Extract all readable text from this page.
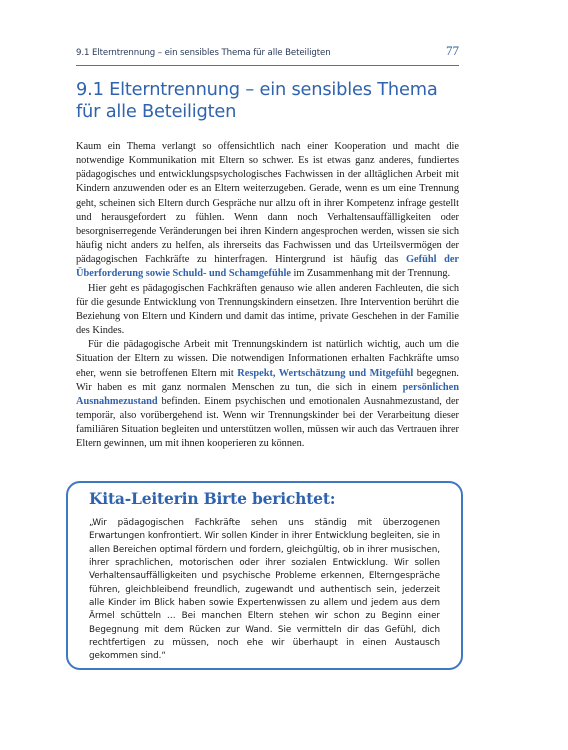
9.1 Elterntrennung – ein sensibles Thema für alle Beteiligten	77
9.1 Elterntrennung – ein sensibles Thema für alle Beteiligten

Kaum ein Thema verlangt so offensichtlich nach einer Kooperation und macht die notwendige Kommunikation mit Eltern so schwer. Es ist etwas ganz anderes, fundiertes pädagogisches und entwicklungspsychologisches Fachwissen in der alltäglichen Arbeit mit Kindern anzuwenden oder es an Eltern weiterzugeben. Gerade, wenn es um eine Trennung geht, scheinen sich Eltern durch Gespräche nur allzu oft in ihrer Kompetenz infrage gestellt und herausgefordert zu fühlen. Wenn dann noch Verhaltensauffälligkeiten oder besorgniserregende Veränderungen bei ihren Kindern angesprochen werden, wissen sie sich häufig nicht anders zu helfen, als ihrerseits das Fachwissen und das Urteilsvermögen der pädagogischen Fachkräfte zu hinterfragen. Hintergrund ist häufig das Gefühl der Überforderung sowie Schuld- und Schamgefühle im Zusammenhang mit der Trennung.

Hier geht es pädagogischen Fachkräften genauso wie allen anderen Fachleuten, die sich für die gesunde Entwicklung von Trennungskindern einsetzen. Ihre Intervention berührt die Beziehung von Eltern und Kindern und damit das intime, private Geschehen in der Familie des Kindes.

Für die pädagogische Arbeit mit Trennungskindern ist natürlich wichtig, auch um die Situation der Eltern zu wissen. Die notwendigen Informationen erhalten Fachkräfte umso eher, wenn sie betroffenen Eltern mit Respekt, Wertschätzung und Mitgefühl begegnen. Wir haben es mit ganz normalen Menschen zu tun, die sich in einem persönlichen Ausnahmezustand befinden. Einem psychischen und emotionalen Ausnahmezustand, der temporär, also vorübergehend ist. Wenn wir Trennungskinder bei der Verarbeitung dieser familiären Situation begleiten und unterstützen wollen, müssen wir auch das Vertrauen ihrer Eltern gewinnen, um mit ihnen kooperieren zu können.

Kita-Leiterin Birte berichtet:

„Wir pädagogischen Fachkräfte sehen uns ständig mit überzogenen Erwartungen konfrontiert. Wir sollen Kinder in ihrer Entwicklung begleiten, sie in allen Bereichen optimal fördern und fordern, gleichgültig, ob in ihrer musischen, ihrer sprachlichen, motorischen oder ihrer sozialen Entwicklung. Wir sollen Verhaltensauffälligkeiten und psychische Probleme erkennen, Elterngespräche führen, gleichbleibend freundlich, zugewandt und authentisch sein, jederzeit alle Kinder im Blick haben sowie Expertenwissen zu allem und jedem aus dem Ärmel schütteln … Bei manchen Eltern stehen wir schon zu Beginn einer Begegnung mit dem Rücken zur Wand. Sie vermitteln dir das Gefühl, dich rechtfertigen zu müssen, noch ehe wir überhaupt in einen Austausch gekommen sind.“
